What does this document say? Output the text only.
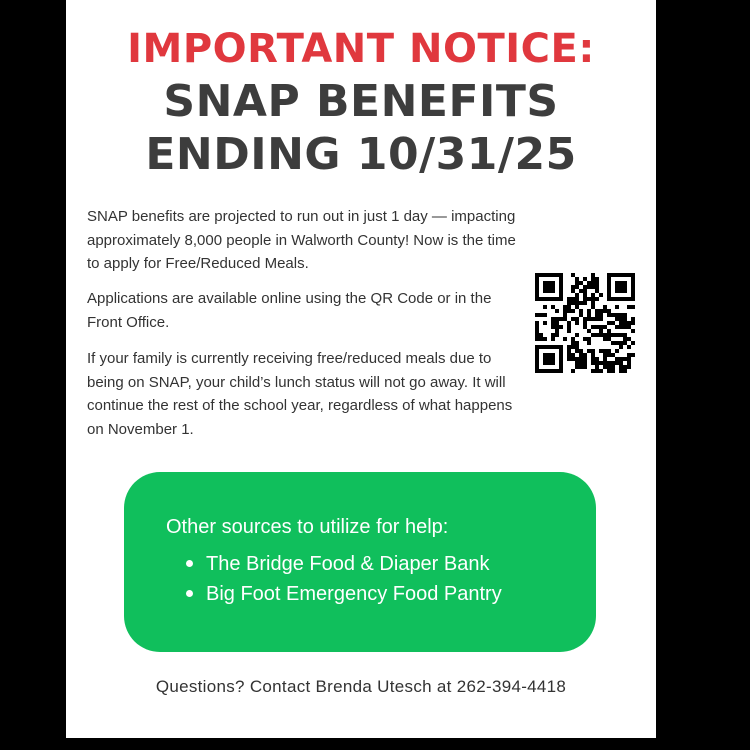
IMPORTANT NOTICE:
SNAP BENEFITS
ENDING 10/31/25

SNAP benefits are projected to run out in just 1 day — impacting approximately 8,000 people in Walworth County! Now is the time to apply for Free/Reduced Meals.

Applications are available online using the QR Code or in the Front Office.

If your family is currently receiving free/reduced meals due to being on SNAP, your child’s lunch status will not go away. It will continue the rest of the school year, regardless of what happens on November 1.

Other sources to utilize for help:
The Bridge Food & Diaper Bank
Big Foot Emergency Food Pantry
Questions? Contact Brenda Utesch at 262-394-4418
